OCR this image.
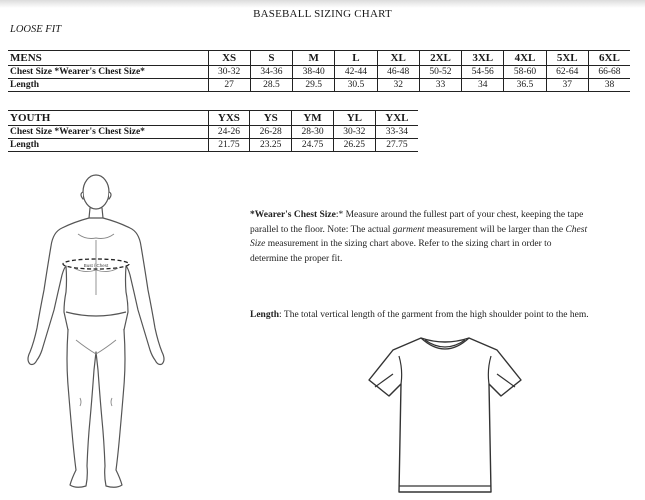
BASEBALL SIZING CHART
LOOSE FIT
MENS	XS	S	M	L	XL	2XL	3XL	4XL	5XL	6XL
Chest Size *Wearer's Chest Size*	30-32	34-36	38-40	42-44	46-48	50-52	54-56	58-60	62-64	66-68
Length	27	28.5	29.5	30.5	32	33	34	36.5	37	38
YOUTH	YXS	YS	YM	YL	YXL
Chest Size *Wearer's Chest Size*	24-26	26-28	28-30	30-32	33-34
Length	21.75	23.25	24.75	26.25	27.75
Bust / Chest
*Wearer's Chest Size:* Measure around the fullest part of your chest, keeping the tape parallel to the floor. Note: The actual garment measurement will be larger than the Chest Size measurement in the sizing chart above. Refer to the sizing chart in order to determine the proper fit.
Length: The total vertical length of the garment from the high shoulder point to the hem.
